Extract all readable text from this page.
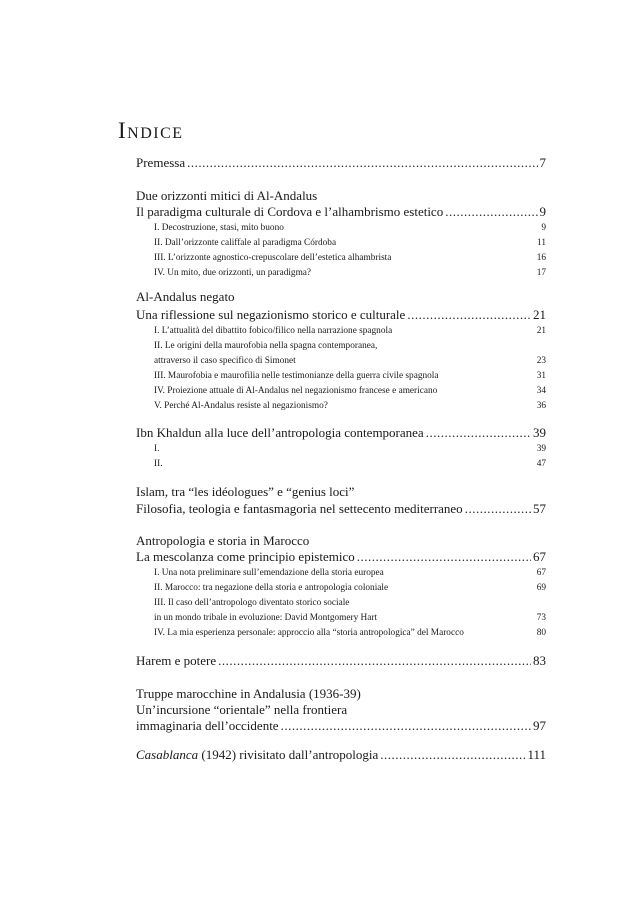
Indice
Premessa .....	7
Due orizzonti mitici di Al-Andalus
Il paradigma culturale di Cordova e l’alhambrismo estetico .....	9
I. Decostruzione, stasi, mito buono	9
II. Dall’orizzonte califfale al paradigma Córdoba	11
III. L’orizzonte agnostico-crepuscolare dell’estetica alhambrista	16
IV. Un mito, due orizzonti, un paradigma?	17
Al-Andalus negato
Una riflessione sul negazionismo storico e culturale .....	21
I. L’attualità del dibattito fobico/filico nella narrazione spagnola	21
II. Le origini della maurofobia nella spagna contemporanea,
attraverso il caso specifico di Simonet	23
III. Maurofobia e maurofilia nelle testimonianze della guerra civile spagnola	31
IV. Proiezione attuale di Al-Andalus nel negazionismo francese e americano	34
V. Perché Al-Andalus resiste al negazionismo?	36
Ibn Khaldun alla luce dell’antropologia contemporanea .....	39
I.	39
II.	47
Islam, tra “les idéologues” e “genius loci”
Filosofia, teologia e fantasmagoria nel settecento mediterraneo .....	57
Antropologia e storia in Marocco
La mescolanza come principio epistemico .....	67
I. Una nota preliminare sull’emendazione della storia europea	67
II. Marocco: tra negazione della storia e antropologia coloniale	69
III. Il caso dell’antropologo diventato storico sociale
in un mondo tribale in evoluzione: David Montgomery Hart	73
IV. La mia esperienza personale: approccio alla “storia antropologica” del Marocco	80
Harem e potere .....	83
Truppe marocchine in Andalusia (1936-39)
Un’incursione “orientale” nella frontiera
immaginaria dell’occidente .....	97
Casablanca (1942) rivisitato dall’antropologia .....	111
